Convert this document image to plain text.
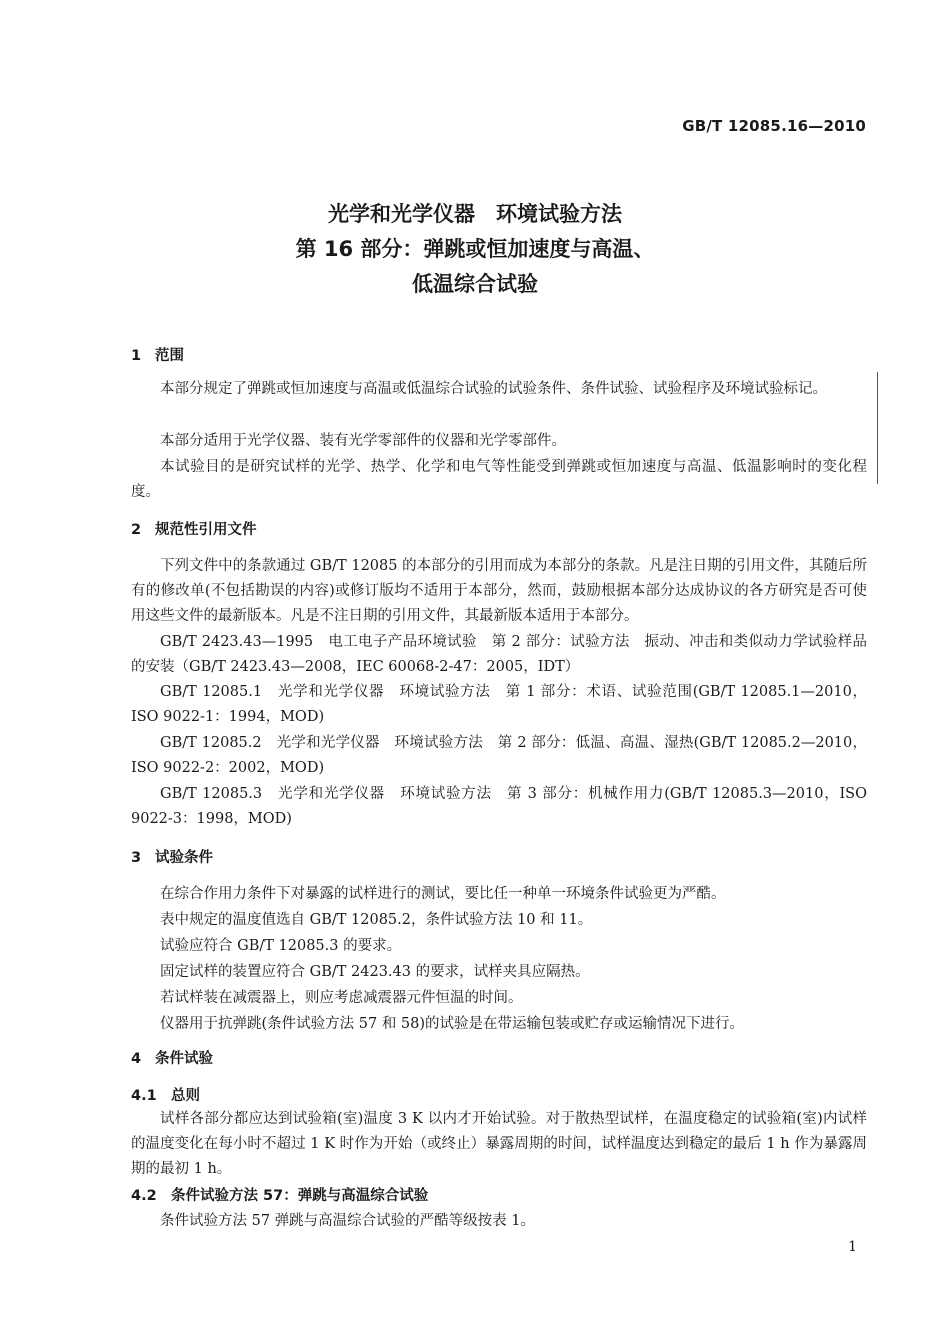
GB/T 12085.16—2010
光学和光学仪器　环境试验方法
第 16 部分：弹跳或恒加速度与高温、
低温综合试验
1 范围
本部分规定了弹跳或恒加速度与高温或低温综合试验的试验条件、条件试验、试验程序及环境试验标记。
本部分适用于光学仪器、装有光学零部件的仪器和光学零部件。
本试验目的是研究试样的光学、热学、化学和电气等性能受到弹跳或恒加速度与高温、低温影响时的变化程度。
2 规范性引用文件
下列文件中的条款通过 GB/T 12085 的本部分的引用而成为本部分的条款。凡是注日期的引用文件，其随后所有的修改单(不包括勘误的内容)或修订版均不适用于本部分，然而，鼓励根据本部分达成协议的各方研究是否可使用这些文件的最新版本。凡是不注日期的引用文件，其最新版本适用于本部分。
GB/T 2423.43—1995　电工电子产品环境试验　第 2 部分：试验方法　振动、冲击和类似动力学试验样品的安装（GB/T 2423.43—2008，IEC 60068-2-47：2005，IDT）
GB/T 12085.1　光学和光学仪器　环境试验方法　第 1 部分：术语、试验范围(GB/T 12085.1—2010，ISO 9022-1：1994，MOD)
GB/T 12085.2　光学和光学仪器　环境试验方法　第 2 部分：低温、高温、湿热(GB/T 12085.2—2010，ISO 9022-2：2002，MOD)
GB/T 12085.3　光学和光学仪器　环境试验方法　第 3 部分：机械作用力(GB/T 12085.3—2010，ISO 9022-3：1998，MOD)
3 试验条件
在综合作用力条件下对暴露的试样进行的测试，要比任一种单一环境条件试验更为严酷。
表中规定的温度值选自 GB/T 12085.2，条件试验方法 10 和 11。
试验应符合 GB/T 12085.3 的要求。
固定试样的装置应符合 GB/T 2423.43 的要求，试样夹具应隔热。
若试样装在减震器上，则应考虑减震器元件恒温的时间。
仪器用于抗弹跳(条件试验方法 57 和 58)的试验是在带运输包装或贮存或运输情况下进行。
4 条件试验
4.1 总则
试样各部分都应达到试验箱(室)温度 3 K 以内才开始试验。对于散热型试样，在温度稳定的试验箱(室)内试样的温度变化在每小时不超过 1 K 时作为开始（或终止）暴露周期的时间，试样温度达到稳定的最后 1 h 作为暴露周期的最初 1 h。
4.2 条件试验方法 57：弹跳与高温综合试验
条件试验方法 57 弹跳与高温综合试验的严酷等级按表 1。
1
